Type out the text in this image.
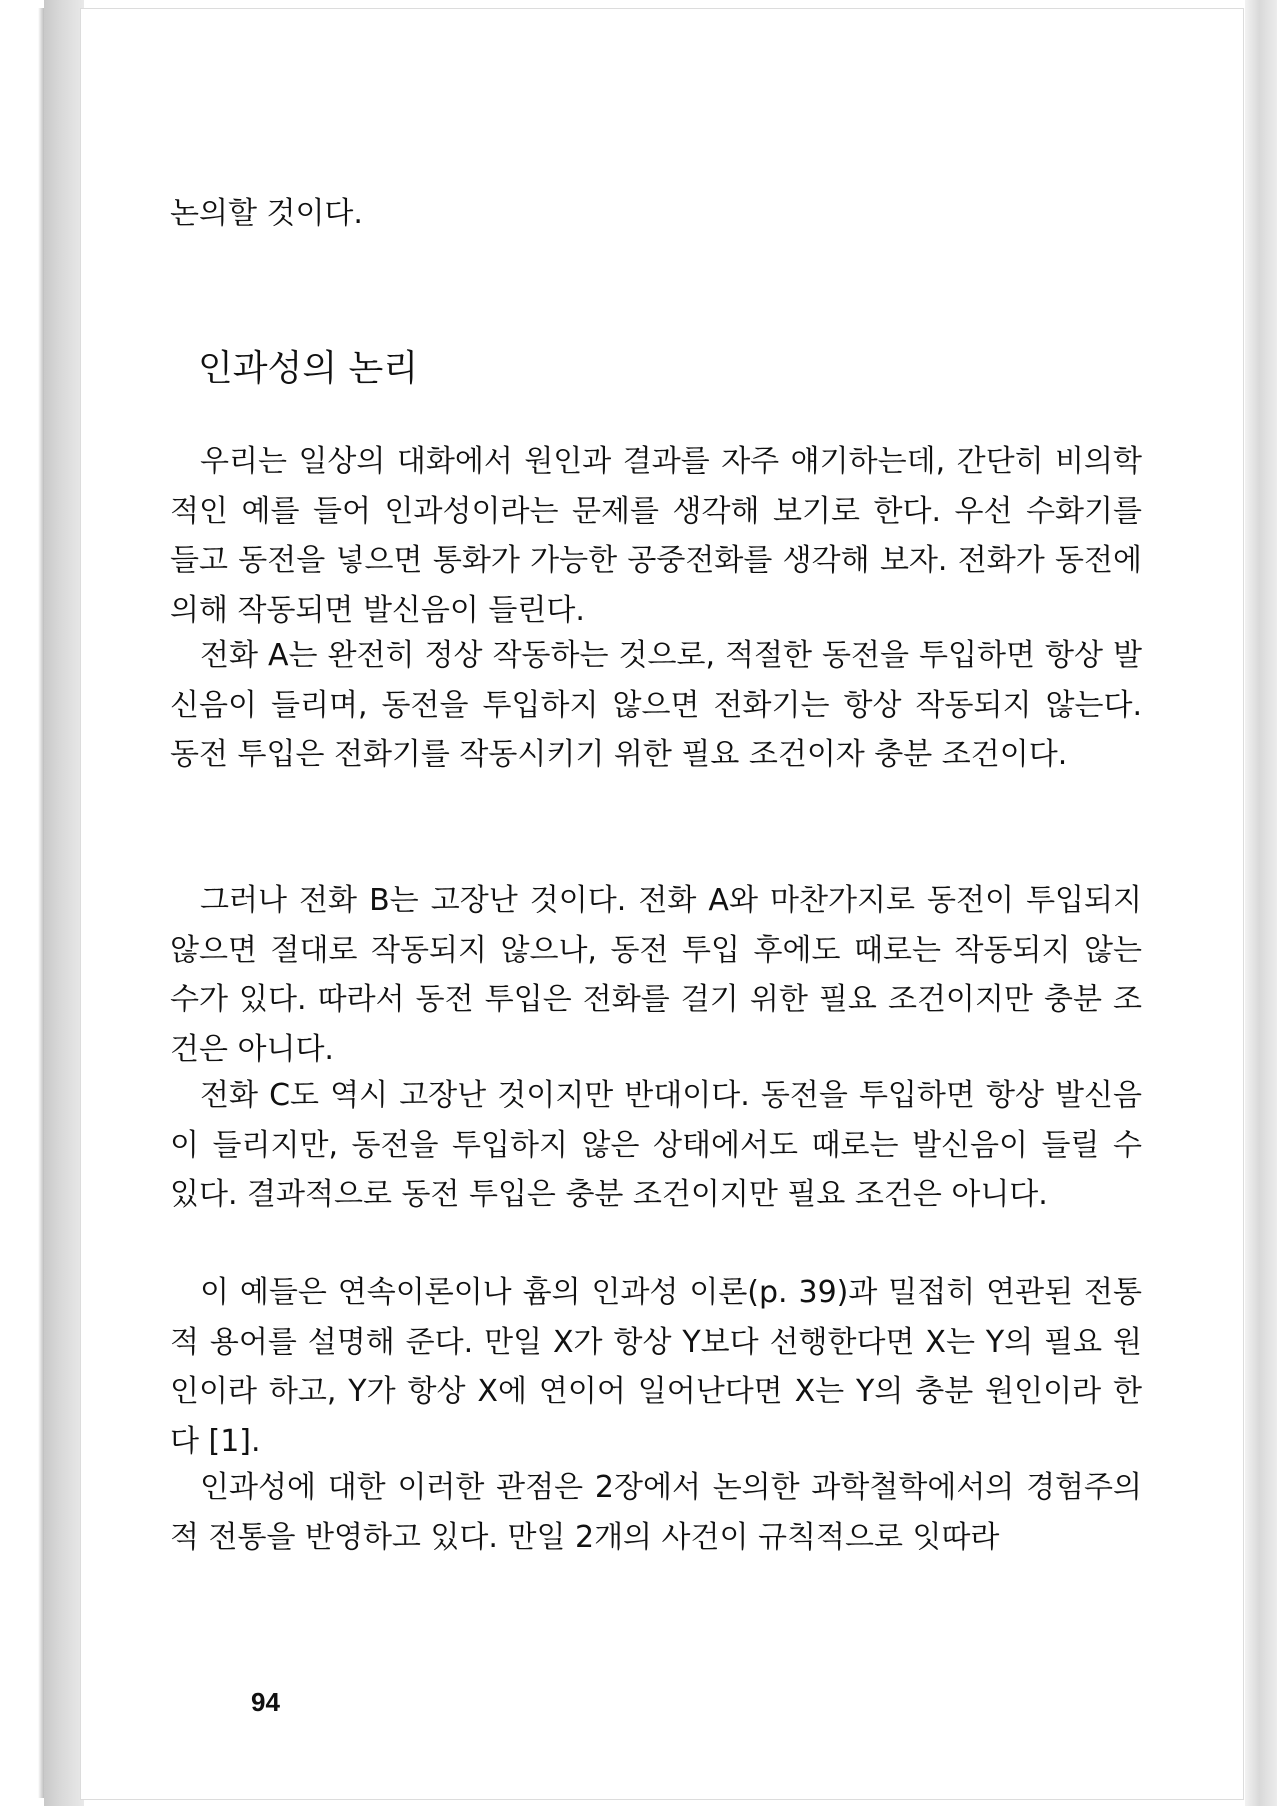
논의할 것이다.
인과성의 논리
우리는 일상의 대화에서 원인과 결과를 자주 얘기하는데, 간단히 비의학적인 예를 들어 인과성이라는 문제를 생각해 보기로 한다. 우선 수화기를 들고 동전을 넣으면 통화가 가능한 공중전화를 생각해 보자. 전화가 동전에 의해 작동되면 발신음이 들린다.
전화 A는 완전히 정상 작동하는 것으로, 적절한 동전을 투입하면 항상 발신음이 들리며, 동전을 투입하지 않으면 전화기는 항상 작동되지 않는다. 동전 투입은 전화기를 작동시키기 위한 필요 조건이자 충분 조건이다.
그러나 전화 B는 고장난 것이다. 전화 A와 마찬가지로 동전이 투입되지 않으면 절대로 작동되지 않으나, 동전 투입 후에도 때로는 작동되지 않는 수가 있다. 따라서 동전 투입은 전화를 걸기 위한 필요 조건이지만 충분 조건은 아니다.
전화 C도 역시 고장난 것이지만 반대이다. 동전을 투입하면 항상 발신음이 들리지만, 동전을 투입하지 않은 상태에서도 때로는 발신음이 들릴 수 있다. 결과적으로 동전 투입은 충분 조건이지만 필요 조건은 아니다.
이 예들은 연속이론이나 흄의 인과성 이론(p. 39)과 밀접히 연관된 전통적 용어를 설명해 준다. 만일 X가 항상 Y보다 선행한다면 X는 Y의 필요 원인이라 하고, Y가 항상 X에 연이어 일어난다면 X는 Y의 충분 원인이라 한다 [1].
인과성에 대한 이러한 관점은 2장에서 논의한 과학철학에서의 경험주의적 전통을 반영하고 있다. 만일 2개의 사건이 규칙적으로 잇따라
94
